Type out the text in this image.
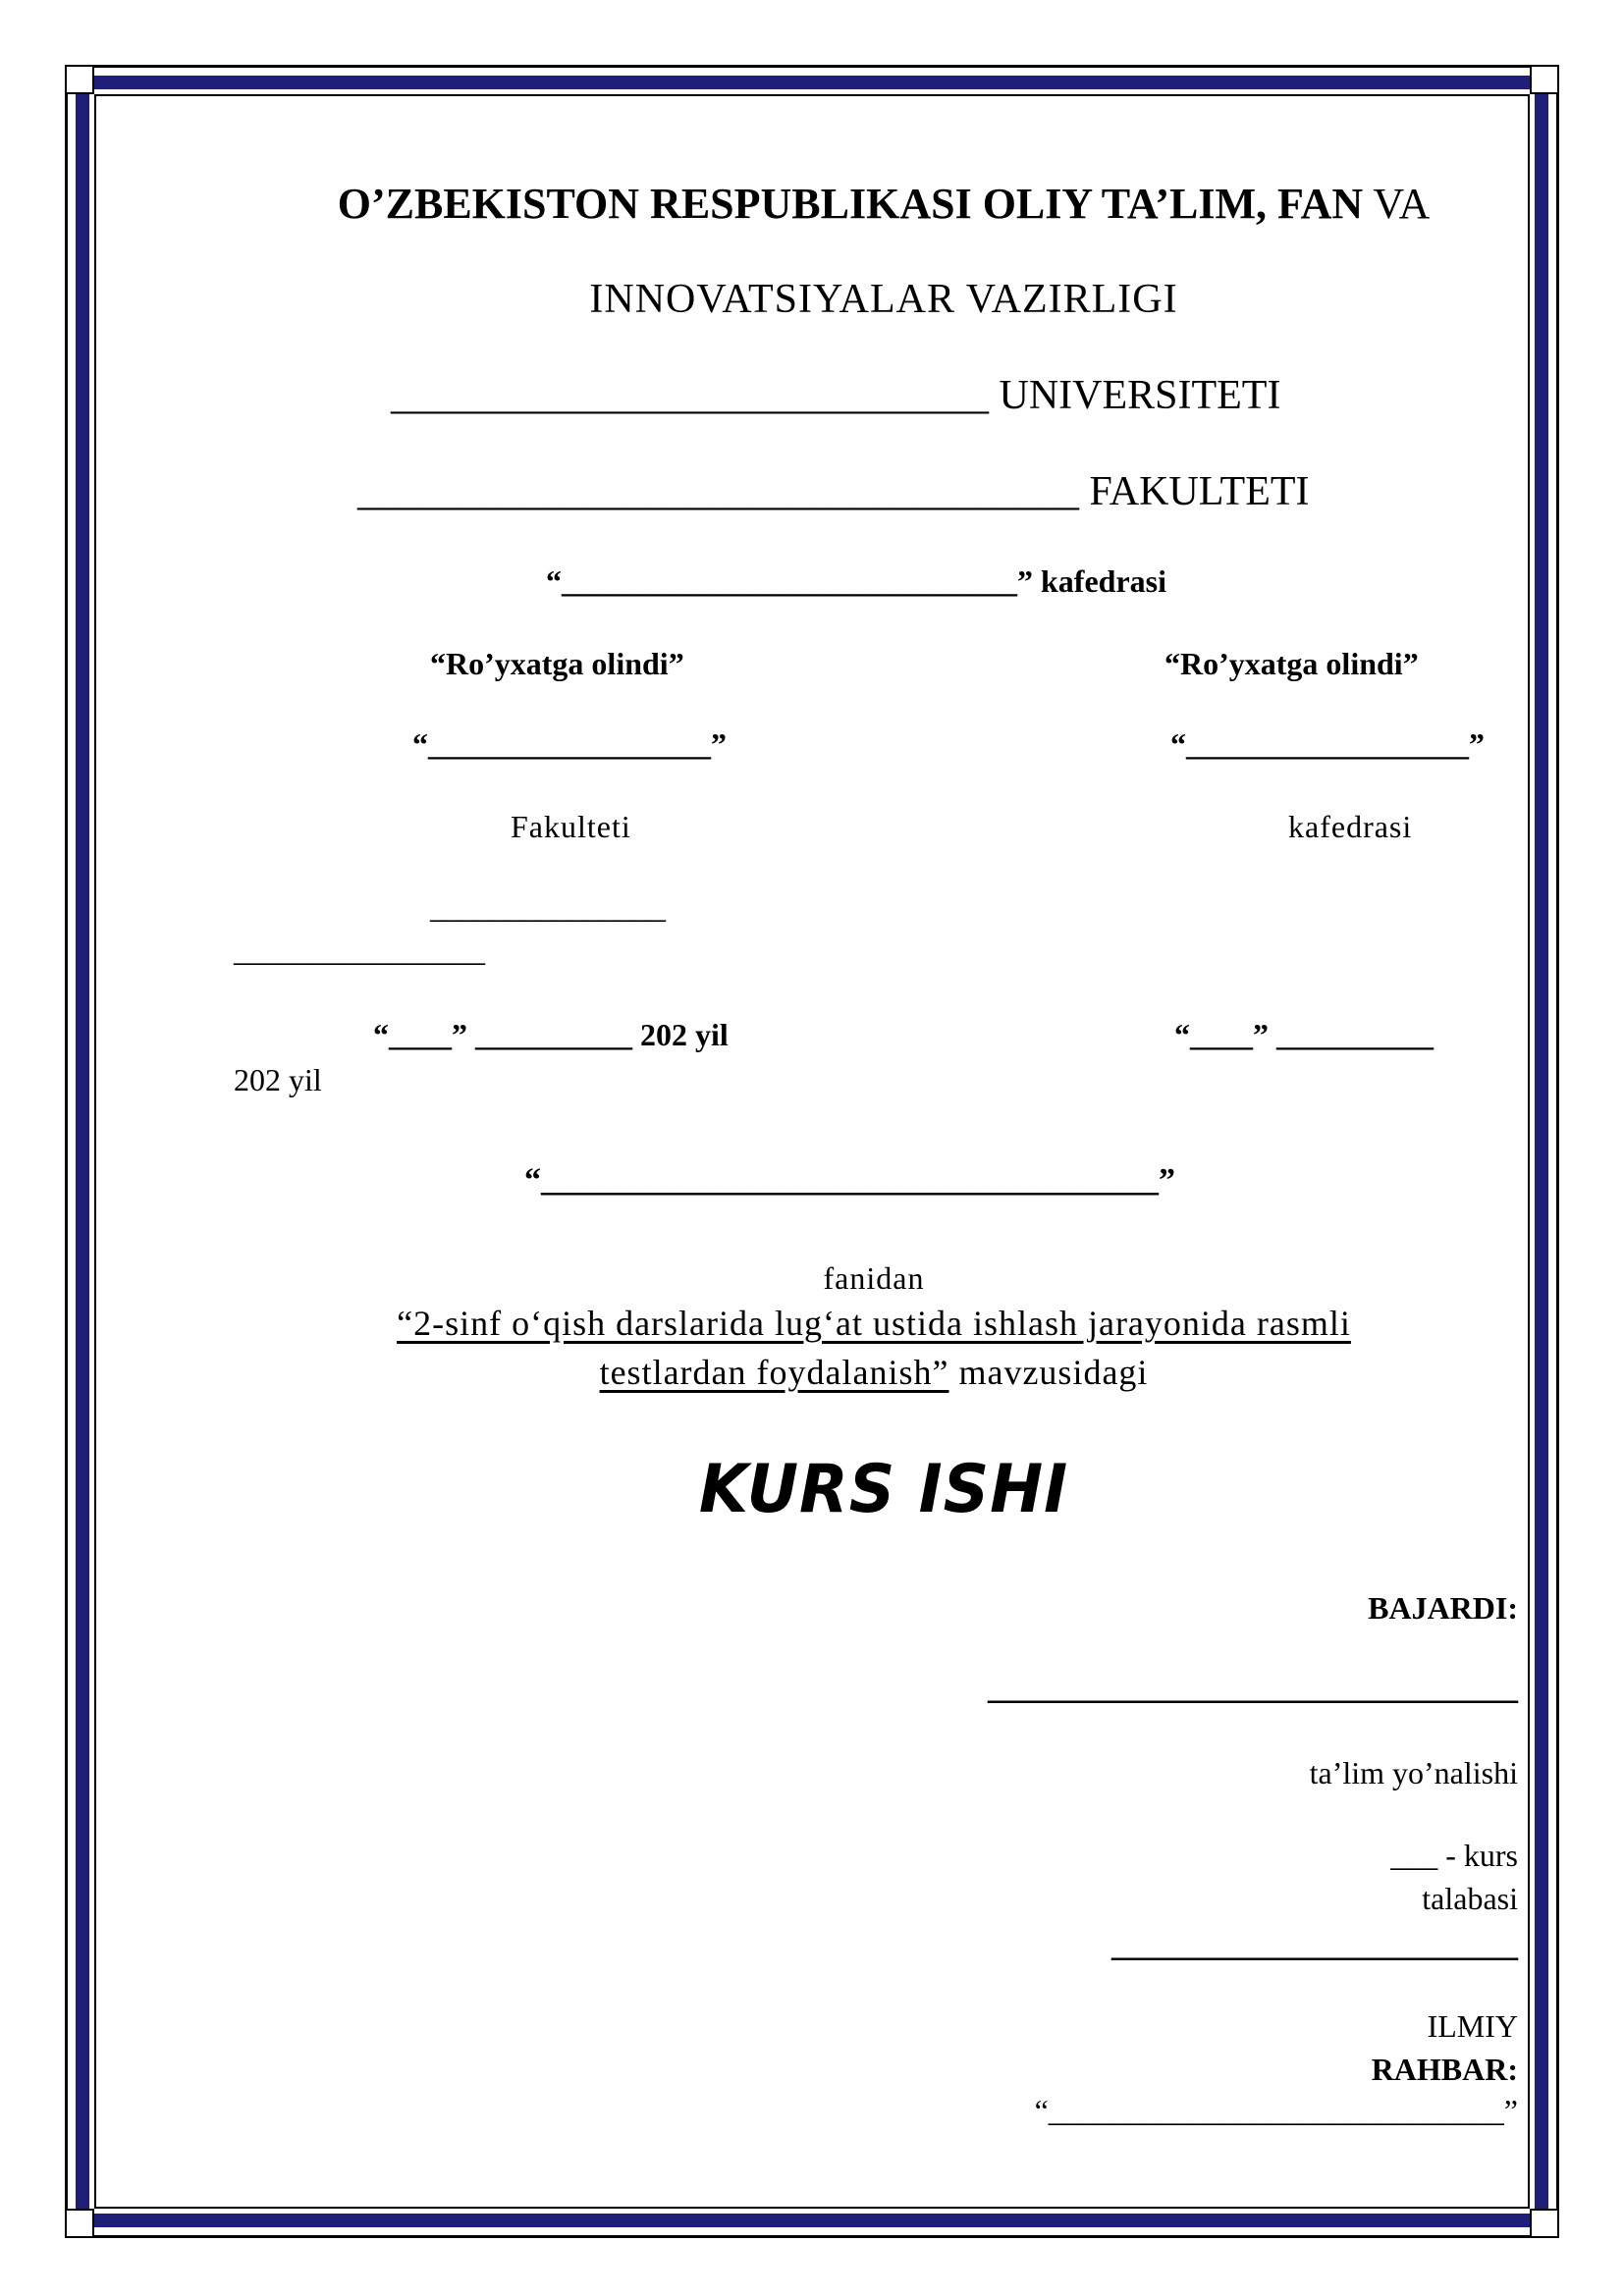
O’ZBEKISTON RESPUBLIKASI OLIY TA’LIM, FAN VA
INNOVATSIYALAR VAZIRLIGI
_____________________________ UNIVERSITETI
___________________________________ FAKULTETI
“_____________________________” kafedrasi
“Ro’yxatga olindi”	“Ro’yxatga olindi”
“__________________”	“__________________”
Fakulteti	kafedrasi
_______________
________________
“____” __________ 202 yil	“____” __________
202 yil
“_____________________________________”
fanidan
“2-sinf o‘qish darslarida lug‘at ustida ishlash jarayonida rasmli
testlardan foydalanish” mavzusidagi
KURS ISHI
BAJARDI:
______________________________
ta’lim yo’nalishi
___ - kurs
talabasi
_______________________
ILMIY
RAHBAR:
“_____________________________”
